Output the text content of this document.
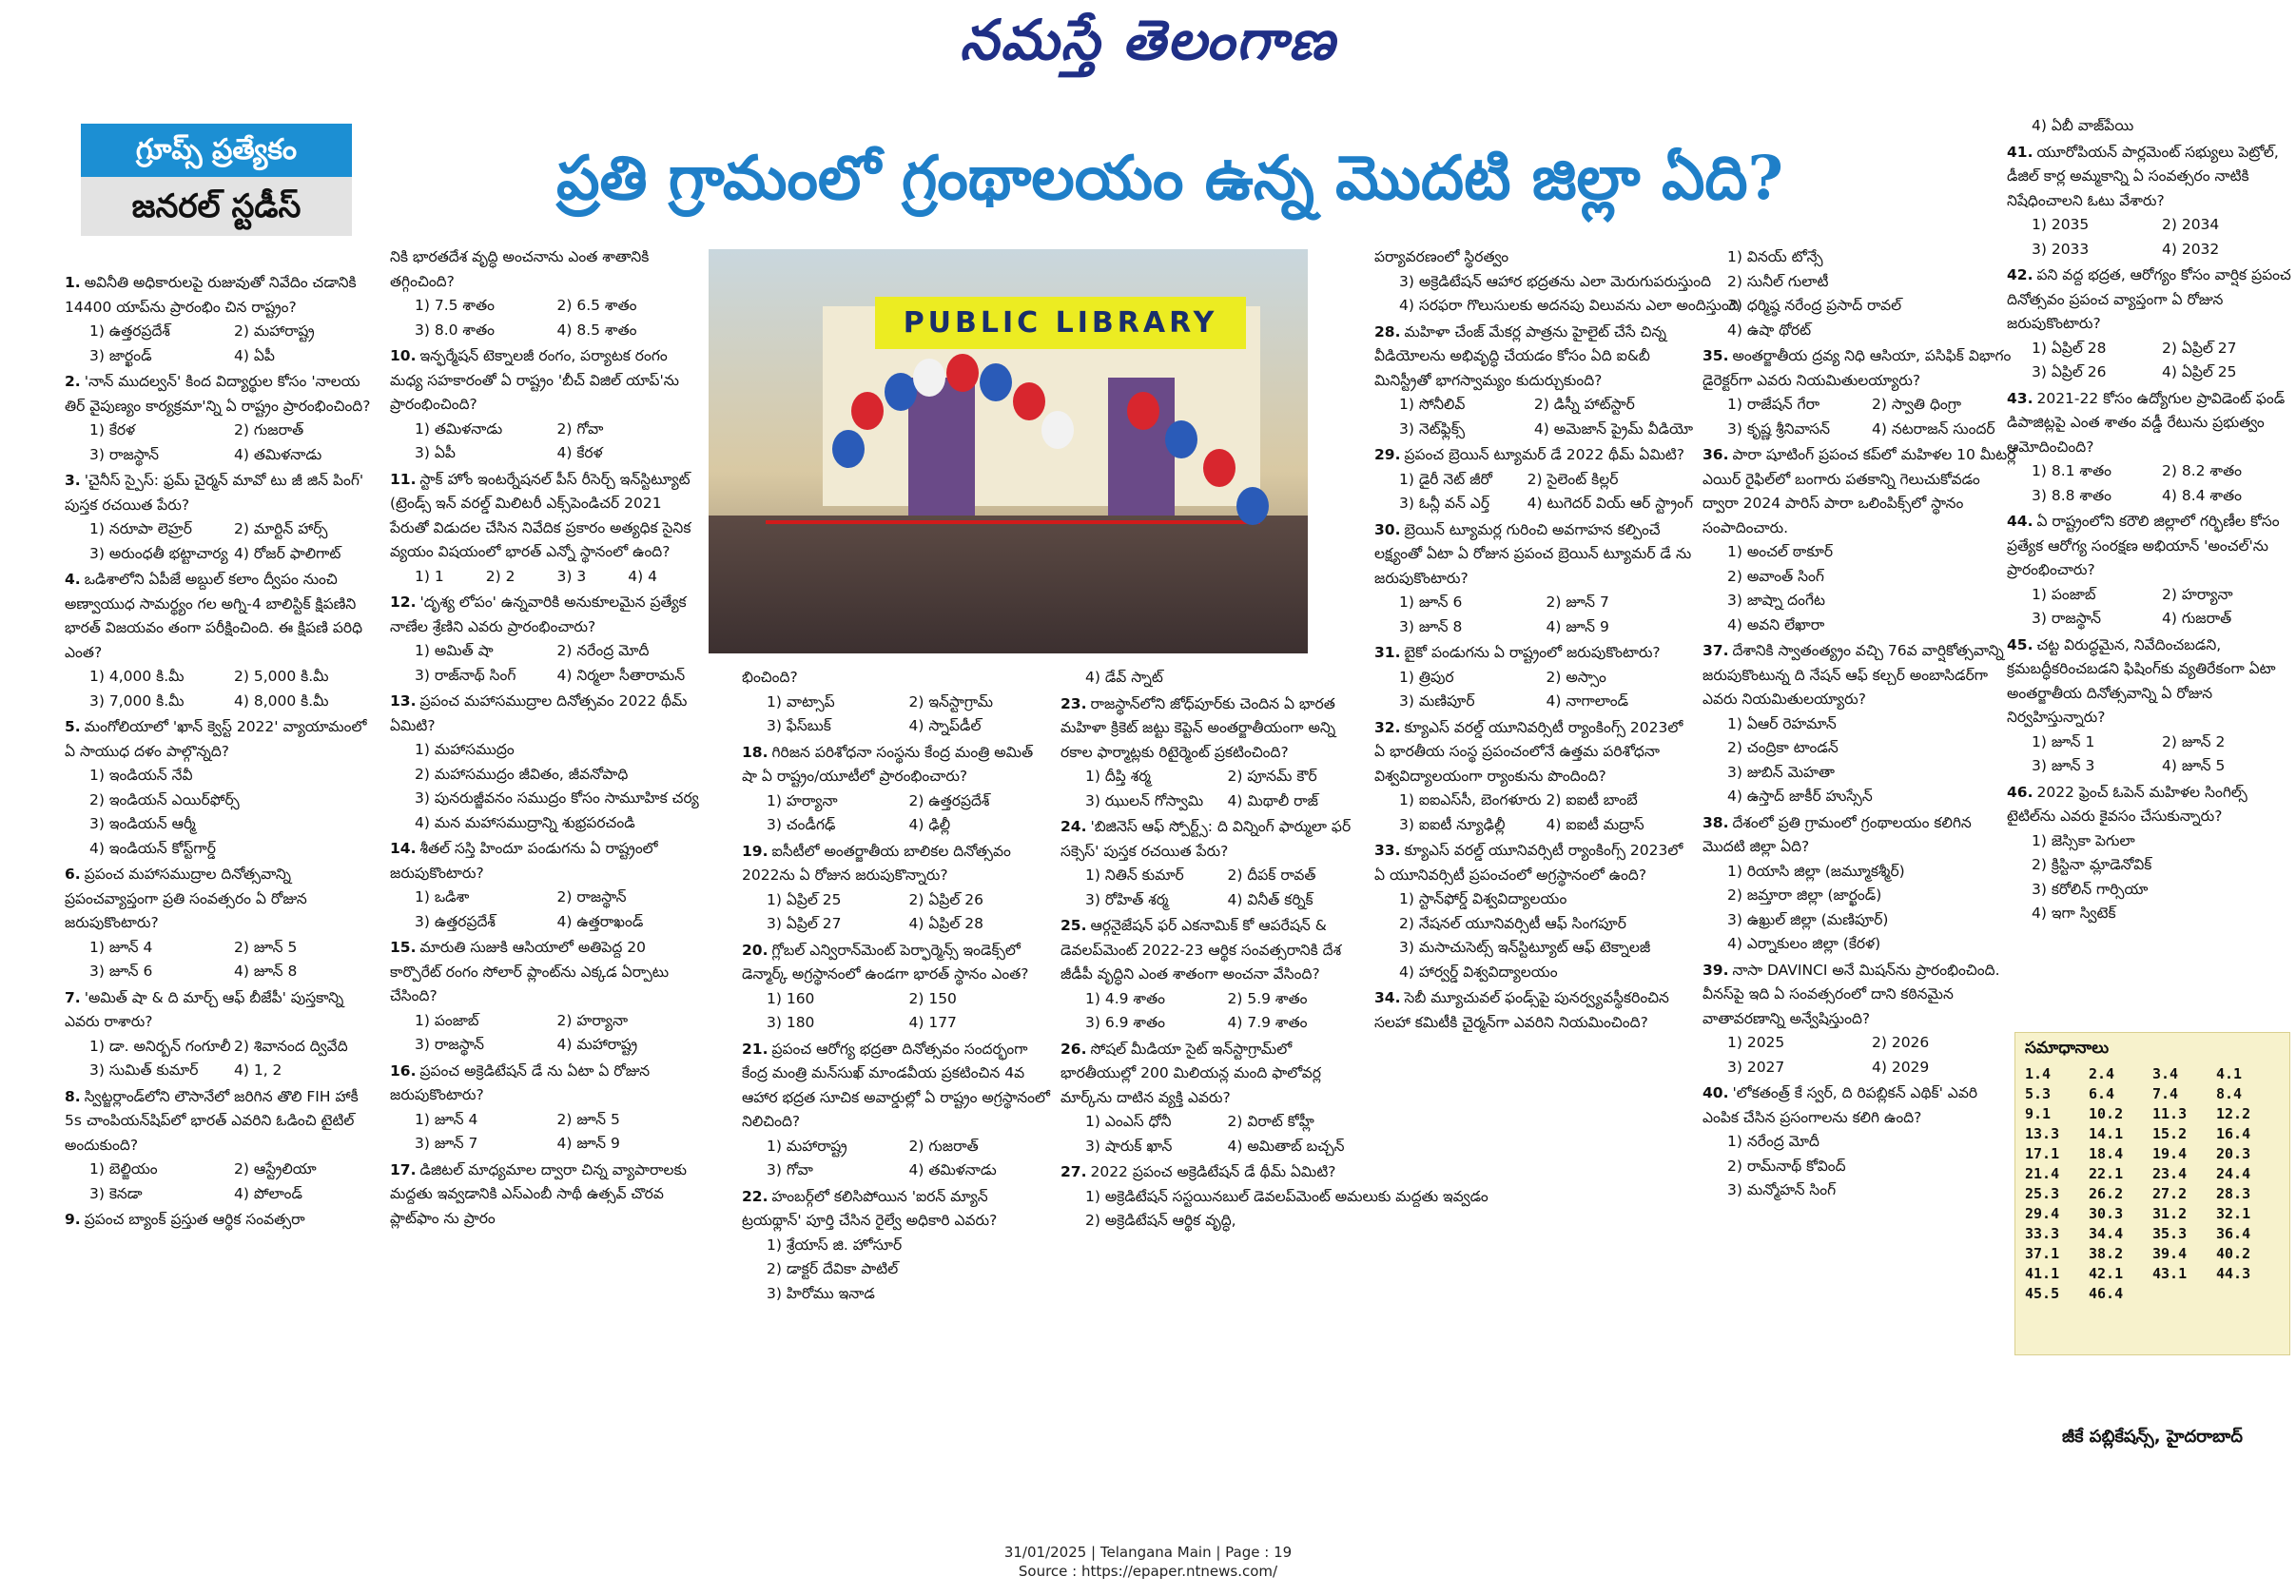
నమస్తే తెలంగాణ
గ్రూప్స్ ప్రత్యేకం
జనరల్ స్టడీస్	ప్రతి గ్రామంలో గ్రంథాలయం ఉన్న మొదటి జిల్లా ఏది?
PUBLIC LIBRARY
1. అవినీతి అధికారులపై రుజువుతో నివేదిం చడానికి 14400 యాప్‌ను ప్రారంభిం చిన రాష్ట్రం?
1) ఉత్తరప్రదేశ్	2) మహారాష్ట్ర
3) జార్ఖండ్	4) ఏపీ
2. 'నాన్ ముదల్వన్' కింద విద్యార్థుల కోసం 'నాలయ తిర్ వైపుణ్యం కార్యక్రమా'న్ని ఏ రాష్ట్రం ప్రారంభించింది?
1) కేరళ	2) గుజరాత్
3) రాజస్థాన్	4) తమిళనాడు
3. 'చైనీస్ స్పైస్: ఫ్రమ్ చైర్మన్ మావో టు జీ జిన్ పింగ్' పుస్తక రచయిత పేరు?
1) నరూపా లెహ్రర్	2) మార్టిన్ హార్స్
3) అరుంధతీ భట్టాచార్య 4) రోజర్ ఫాలిగాట్
4. ఒడిశాలోని ఏపీజే అబ్దుల్ కలాం ద్వీపం నుంచి అణ్వాయుధ సామర్థ్యం గల అగ్ని-4 బాలిస్టిక్ క్షిపణిని భారత్ విజయవం తంగా పరీక్షించింది. ఈ క్షిపణి పరిధి ఎంత?
1) 4,000 కి.మీ	2) 5,000 కి.మీ
3) 7,000 కి.మీ	4) 8,000 కి.మీ
5. మంగోలియాలో 'ఖాన్ క్వెస్ట్ 2022' వ్యాయామంలో ఏ సాయుధ దళం పాల్గొన్నది?
1) ఇండియన్ నేవీ
2) ఇండియన్ ఎయిర్‌ఫోర్స్
3) ఇండియన్ ఆర్మీ
4) ఇండియన్ కోస్ట్‌గార్డ్
6. ప్రపంచ మహాసముద్రాల దినోత్సవాన్ని ప్రపంచవ్యాప్తంగా ప్రతి సంవత్సరం ఏ రోజున జరుపుకొంటారు?
1) జూన్ 4	2) జూన్ 5
3) జూన్ 6	4) జూన్ 8
7. 'అమిత్ షా & ది మార్చ్ ఆఫ్ బీజేపీ' పుస్తకాన్ని ఎవరు రాశారు?
1) డా. అనిర్బన్ గంగూలీ 2) శివానంద ద్వివేది
3) సుమిత్ కుమార్	4) 1, 2
8. స్విట్జర్లాండ్‌లోని లౌసానేలో జరిగిన తొలి FIH హాకీ 5s చాంపియన్‌షిప్‌లో భారత్ ఎవరిని ఓడించి టైటిల్ అందుకుంది?
1) బెల్జియం	2) ఆస్ట్రేలియా
3) కెనడా	4) పోలాండ్
9. ప్రపంచ బ్యాంక్ ప్రస్తుత ఆర్థిక సంవత్సరా
నికి భారతదేశ వృద్ధి అంచనాను ఎంత శాతానికి తగ్గించింది?
1) 7.5 శాతం	2) 6.5 శాతం
3) 8.0 శాతం	4) 8.5 శాతం
10. ఇన్ఫర్మేషన్ టెక్నాలజీ రంగం, పర్యాటక రంగం మధ్య సహకారంతో ఏ రాష్ట్రం 'బీచ్ విజిల్ యాప్'ను ప్రారంభించింది?
1) తమిళనాడు	2) గోవా
3) ఏపీ	4) కేరళ
11. స్టాక్ హోం ఇంటర్నేషనల్ పీస్ రీసెర్చ్ ఇన్‌స్టిట్యూట్ (ట్రెండ్స్ ఇన్ వరల్డ్ మిలిటరీ ఎక్స్‌పెండిచర్ 2021 పేరుతో విడుదల చేసిన నివేదిక ప్రకారం అత్యధిక సైనిక వ్యయం విషయంలో భారత్ ఎన్నో స్థానంలో ఉంది?
1) 1	2) 2	3) 3	4) 4
12. 'దృశ్య లోపం' ఉన్నవారికి అనుకూలమైన ప్రత్యేక నాణేల శ్రేణిని ఎవరు ప్రారంభించారు?
1) అమిత్ షా	2) నరేంద్ర మోదీ
3) రాజ్‌నాథ్ సింగ్	4) నిర్మలా సీతారామన్
13. ప్రపంచ మహాసముద్రాల దినోత్సవం 2022 థీమ్ ఏమిటి?
1) మహాసముద్రం
2) మహాసముద్రం జీవితం, జీవనోపాధి
3) పునరుజ్జీవనం సముద్రం కోసం సామూహిక చర్య
4) మన మహాసముద్రాన్ని శుభ్రపరచండి
14. శీతల్ సస్తి హిందూ పండుగను ఏ రాష్ట్రంలో జరుపుకొంటారు?
1) ఒడిశా	2) రాజస్థాన్
3) ఉత్తరప్రదేశ్	4) ఉత్తరాఖండ్
15. మారుతి సుజుకి ఆసియాలో అతిపెద్ద 20 కార్పొరేట్ రంగం సోలార్ ప్లాంట్‌ను ఎక్కడ ఏర్పాటు చేసింది?
1) పంజాబ్	2) హర్యానా
3) రాజస్థాన్	4) మహారాష్ట్ర
16. ప్రపంచ అక్రెడిటేషన్ డే ను ఏటా ఏ రోజున జరుపుకొంటారు?
1) జూన్ 4	2) జూన్ 5
3) జూన్ 7	4) జూన్ 9
17. డిజిటల్ మాధ్యమాల ద్వారా చిన్న వ్యాపారాలకు మద్దతు ఇవ్వడానికి ఎస్‌ఎంబీ సాథీ ఉత్సవ్ చొరవ ప్లాట్‌ఫాం ను ప్రారం
భించింది?
1) వాట్సాప్	2) ఇన్‌స్టాగ్రామ్
3) ఫేస్‌బుక్	4) స్నాప్‌డీల్
18. గిరిజన పరిశోధనా సంస్థను కేంద్ర మంత్రి అమిత్ షా ఏ రాష్ట్రం/యూటీలో ప్రారంభించారు?
1) హర్యానా	2) ఉత్తరప్రదేశ్
3) చండీగఢ్	4) ఢిల్లీ
19. ఐసీటీలో అంతర్జాతీయ బాలికల దినోత్సవం 2022ను ఏ రోజున జరుపుకొన్నారు?
1) ఏప్రిల్ 25	2) ఏప్రిల్ 26
3) ఏప్రిల్ 27	4) ఏప్రిల్ 28
20. గ్లోబల్ ఎన్విరాన్‌మెంట్ పెర్ఫార్మెన్స్ ఇండెక్స్‌లో డెన్మార్క్ అగ్రస్థానంలో ఉండగా భారత్ స్థానం ఎంత?
1) 160	2) 150
3) 180	4) 177
21. ప్రపంచ ఆరోగ్య భద్రతా దినోత్సవం సందర్భంగా కేంద్ర మంత్రి మన్‌సుఖ్ మాండవీయ ప్రకటించిన 4వ ఆహార భద్రత సూచిక అవార్డుల్లో ఏ రాష్ట్రం అగ్రస్థానంలో నిలిచింది?
1) మహారాష్ట్ర	2) గుజరాత్
3) గోవా	4) తమిళనాడు
22. హంబర్గ్‌లో కలిసిపోయిన 'ఐరన్ మ్యాన్ ట్రయథ్లాన్' పూర్తి చేసిన రైల్వే అధికారి ఎవరు?
1) శ్రేయాస్ జి. హోసూర్
2) డాక్టర్ దేవికా పాటిల్
3) హిరోము ఇనాడ
4) డేవ్ స్నాట్
23. రాజస్థాన్‌లోని జోధ్‌పూర్‌కు చెందిన ఏ భారత మహిళా క్రికెట్ జట్టు కెప్టెన్ అంతర్జాతీయంగా అన్ని రకాల ఫార్మాట్లకు రిటైర్మెంట్ ప్రకటించింది?
1) దీప్తి శర్మ	2) పూనమ్ కౌర్
3) ఝులన్ గోస్వామి	4) మిథాలీ రాజ్
24. 'బిజినెస్ ఆఫ్ స్పోర్ట్స్: ది విన్నింగ్ ఫార్ములా ఫర్ సక్సెస్' పుస్తక రచయిత పేరు?
1) నితిన్ కుమార్	2) దీపక్ రావత్
3) రోహిత్ శర్మ	4) వినీత్ కర్నిక్
25. ఆర్గనైజేషన్ ఫర్ ఎకనామిక్ కో ఆపరేషన్ & డెవలప్‌మెంట్ 2022-23 ఆర్థిక సంవత్సరానికి దేశ జీడీపీ వృద్ధిని ఎంత శాతంగా అంచనా వేసింది?
1) 4.9 శాతం	2) 5.9 శాతం
3) 6.9 శాతం	4) 7.9 శాతం
26. సోషల్ మీడియా సైట్ ఇన్‌స్టాగ్రామ్‌లో భారతీయుల్లో 200 మిలియన్ల మంది ఫాలోవర్ల మార్క్‌ను దాటిన వ్యక్తి ఎవరు?
1) ఎంఎస్ ధోనీ	2) విరాట్ కోహ్లీ
3) షారుక్ ఖాన్	4) అమితాబ్ బచ్చన్
27. 2022 ప్రపంచ అక్రెడిటేషన్ డే థీమ్ ఏమిటి?
1) అక్రెడిటేషన్ సస్టయినబుల్ డెవలప్‌మెంట్ అమలుకు మద్దతు ఇవ్వడం
2) అక్రెడిటేషన్ ఆర్థిక వృద్ధి,
పర్యావరణంలో స్థిరత్వం
3) అక్రెడిటేషన్ ఆహార భద్రతను ఎలా మెరుగుపరుస్తుంది
4) సరఫరా గొలుసులకు అదనపు విలువను ఎలా అందిస్తుంది
28. మహిళా చేంజ్ మేకర్ల పాత్రను హైలైట్ చేసే చిన్న వీడియోలను అభివృద్ధి చేయడం కోసం ఏది ఐ&బీ మినిస్ట్రీతో భాగస్వామ్యం కుదుర్చుకుంది?
1) సోనీలివ్	2) డిస్నీ హాట్‌స్టార్
3) నెట్‌ఫ్లిక్స్	4) అమెజాన్ ప్రైమ్ వీడియో
29. ప్రపంచ బ్రెయిన్ ట్యూమర్ డే 2022 థీమ్ ఏమిటి?
1) డైరీ నెట్ జీరో	2) సైలెంట్ కిల్లర్
3) ఓన్లీ వన్ ఎర్త్	4) టుగెదర్ వియ్ ఆర్ స్ట్రాంగ్
30. బ్రెయిన్ ట్యూమర్ల గురించి అవగాహన కల్పించే లక్ష్యంతో ఏటా ఏ రోజున ప్రపంచ బ్రెయిన్ ట్యూమర్ డే ను జరుపుకొంటారు?
1) జూన్ 6	2) జూన్ 7
3) జూన్ 8	4) జూన్ 9
31. బైకో పండుగను ఏ రాష్ట్రంలో జరుపుకొంటారు?
1) త్రిపుర	2) అస్సాం
3) మణిపూర్	4) నాగాలాండ్
32. క్యూఎస్ వరల్డ్ యూనివర్సిటీ ర్యాంకింగ్స్ 2023లో ఏ భారతీయ సంస్థ ప్రపంచంలోనే ఉత్తమ పరిశోధనా విశ్వవిద్యాలయంగా ర్యాంకును పొందింది?
1) ఐఐఎస్‌సీ, బెంగళూరు 2) ఐఐటీ బాంబే
3) ఐఐటీ న్యూఢిల్లీ	4) ఐఐటీ మద్రాస్
33. క్యూఎస్ వరల్డ్ యూనివర్సిటీ ర్యాంకింగ్స్ 2023లో ఏ యూనివర్సిటీ ప్రపంచంలో అగ్రస్థానంలో ఉంది?
1) స్టాన్‌ఫోర్డ్ విశ్వవిద్యాలయం
2) నేషనల్ యూనివర్సిటీ ఆఫ్ సింగపూర్
3) మసాచుసెట్స్ ఇన్‌స్టిట్యూట్ ఆఫ్ టెక్నాలజీ
4) హార్వర్డ్ విశ్వవిద్యాలయం
34. సెబీ మ్యూచువల్ ఫండ్స్‌పై పునర్వ్యవస్థీకరించిన సలహా కమిటీకి చైర్మన్‌గా ఎవరిని నియమించింది?
1) వినయ్ టోన్సే
2) సునీల్ గులాటీ
3) ధర్మిష్ఠ నరేంద్ర ప్రసాద్ రావల్
4) ఉషా థోరట్
35. అంతర్జాతీయ ద్రవ్య నిధి ఆసియా, పసిఫిక్ విభాగం డైరెక్టర్‌గా ఎవరు నియమితులయ్యారు?
1) రాజేషన్ గేరా	2) స్వాతి ధింగ్రా
3) కృష్ణ శ్రీనివాసన్	4) నటరాజన్ సుందర్
36. పారా షూటింగ్ ప్రపంచ కప్‌లో మహిళల 10 మీటర్ల ఎయిర్ రైఫిల్‌లో బంగారు పతకాన్ని గెలుచుకోవడం ద్వారా 2024 పారిస్ పారా ఒలింపిక్స్‌లో స్థానం సంపాదించారు.
1) అంచల్ ఠాకూర్
2) అవాంత్ సింగ్
3) జాష్నా దంగేట
4) అవని లేఖారా
37. దేశానికి స్వాతంత్య్రం వచ్చి 76వ వార్షికోత్సవాన్ని జరుపుకొంటున్న ది నేషన్ ఆఫ్ కల్చర్ అంబాసిడర్‌గా ఎవరు నియమితులయ్యారు?
1) ఏఆర్ రెహమాన్
2) చంద్రికా టాండన్
3) జుబిన్ మెహతా
4) ఉస్తాద్ జాకీర్ హుస్సేన్
38. దేశంలో ప్రతి గ్రామంలో గ్రంథాలయం కలిగిన మొదటి జిల్లా ఏది?
1) రియాసి జిల్లా (జమ్మూకశ్మీర్)
2) జమ్తారా జిల్లా (జార్ఖండ్)
3) ఉఖ్రుల్ జిల్లా (మణిపూర్)
4) ఎర్నాకులం జిల్లా (కేరళ)
39. నాసా DAVINCI అనే మిషన్‌ను ప్రారంభించింది. వీనస్‌పై ఇది ఏ సంవత్సరంలో దాని కఠినమైన వాతావరణాన్ని అన్వేషిస్తుంది?
1) 2025	2) 2026
3) 2027	4) 2029
40. 'లోకతంత్ర్ కే స్వర్, ది రిపబ్లికన్ ఎథిక్' ఎవరి ఎంపిక చేసిన ప్రసంగాలను కలిగి ఉంది?
1) నరేంద్ర మోదీ
2) రామ్‌నాథ్ కోవింద్
3) మన్మోహన్ సింగ్
4) ఏబీ వాజ్‌పేయి
41. యూరోపియన్ పార్లమెంట్ సభ్యులు పెట్రోల్, డీజిల్ కార్ల అమ్మకాన్ని ఏ సంవత్సరం నాటికి నిషేధించాలని ఓటు వేశారు?
1) 2035	2) 2034
3) 2033	4) 2032
42. పని వద్ద భద్రత, ఆరోగ్యం కోసం వార్షిక ప్రపంచ దినోత్సవం ప్రపంచ వ్యాప్తంగా ఏ రోజున జరుపుకొంటారు?
1) ఏప్రిల్ 28	2) ఏప్రిల్ 27
3) ఏప్రిల్ 26	4) ఏప్రిల్ 25
43. 2021-22 కోసం ఉద్యోగుల ప్రావిడెంట్ ఫండ్ డిపాజిట్లపై ఎంత శాతం వడ్డీ రేటును ప్రభుత్వం ఆమోదించింది?
1) 8.1 శాతం	2) 8.2 శాతం
3) 8.8 శాతం	4) 8.4 శాతం
44. ఏ రాష్ట్రంలోని కరౌలి జిల్లాలో గర్భిణీల కోసం ప్రత్యేక ఆరోగ్య సంరక్షణ అభియాన్ 'అంచల్'ను ప్రారంభించారు?
1) పంజాబ్	2) హర్యానా
3) రాజస్థాన్	4) గుజరాత్
45. చట్ట విరుద్ధమైన, నివేదించబడని, క్రమబద్ధీకరించబడని ఫిషింగ్‌కు వ్యతిరేకంగా ఏటా అంతర్జాతీయ దినోత్సవాన్ని ఏ రోజున నిర్వహిస్తున్నారు?
1) జూన్ 1	2) జూన్ 2
3) జూన్ 3	4) జూన్ 5
46. 2022 ఫ్రెంచ్ ఓపెన్ మహిళల సింగిల్స్ టైటిల్‌ను ఎవరు కైవసం చేసుకున్నారు?
1) జెస్సికా పెగులా
2) క్రిస్టినా మ్లాడెనోవిక్
3) కరోలిన్ గార్సియా
4) ఇగా స్విటెక్
సమాధానాలు
1.4	2.4	3.4	4.1
5.3	6.4	7.4	8.4
9.1	10.2	11.3	12.2
13.3	14.1	15.2	16.4
17.1	18.4	19.4	20.3
21.4	22.1	23.4	24.4
25.3	26.2	27.2	28.3
29.4	30.3	31.2	32.1
33.3	34.4	35.3	36.4
37.1	38.2	39.4	40.2
41.1	42.1	43.1	44.3
45.5	46.4
జీకే పబ్లికేషన్స్, హైదరాబాద్
31/01/2025 | Telangana Main | Page : 19
Source : https://epaper.ntnews.com/
